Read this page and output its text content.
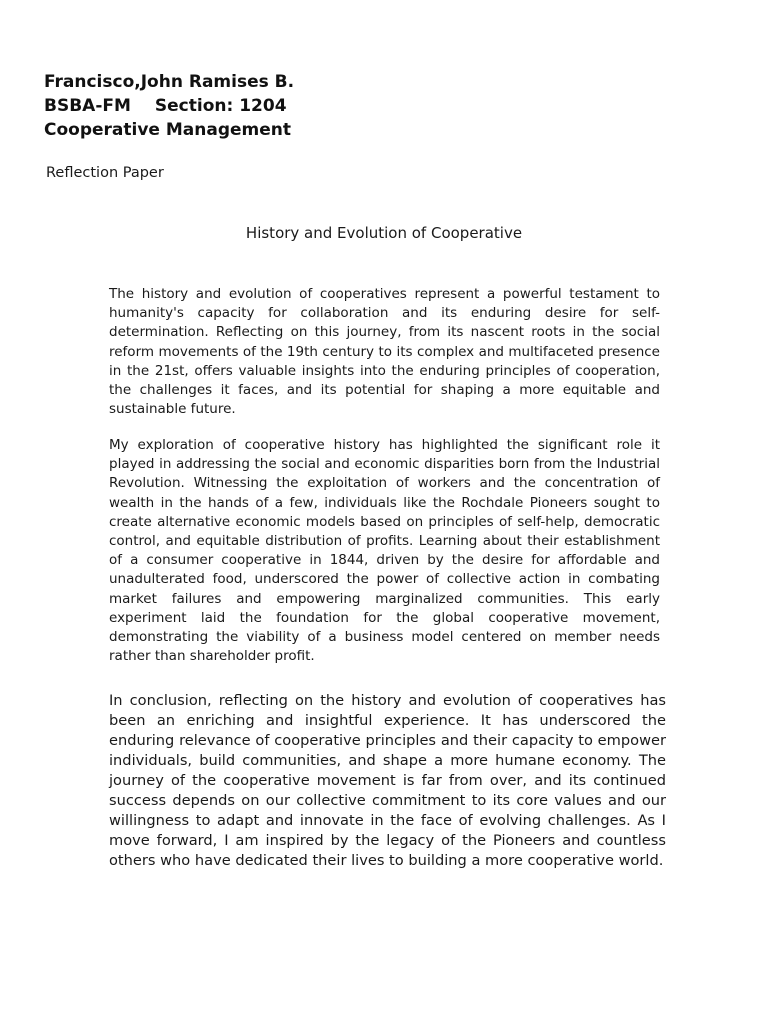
Francisco,John Ramises B.
BSBA-FM Section: 1204
Cooperative Management
Reflection Paper
History and Evolution of Cooperative

The history and evolution of cooperatives represent a powerful testament to humanity's capacity for collaboration and its enduring desire for self-determination. Reflecting on this journey, from its nascent roots in the social reform movements of the 19th century to its complex and multifaceted presence in the 21st, offers valuable insights into the enduring principles of cooperation, the challenges it faces, and its potential for shaping a more equitable and sustainable future.

My exploration of cooperative history has highlighted the significant role it played in addressing the social and economic disparities born from the Industrial Revolution. Witnessing the exploitation of workers and the concentration of wealth in the hands of a few, individuals like the Rochdale Pioneers sought to create alternative economic models based on principles of self-help, democratic control, and equitable distribution of profits. Learning about their establishment of a consumer cooperative in 1844, driven by the desire for affordable and unadulterated food, underscored the power of collective action in combating market failures and empowering marginalized communities. This early experiment laid the foundation for the global cooperative movement, demonstrating the viability of a business model centered on member needs rather than shareholder profit.

In conclusion, reflecting on the history and evolution of cooperatives has been an enriching and insightful experience. It has underscored the enduring relevance of cooperative principles and their capacity to empower individuals, build communities, and shape a more humane economy. The journey of the cooperative movement is far from over, and its continued success depends on our collective commitment to its core values and our willingness to adapt and innovate in the face of evolving challenges. As I move forward, I am inspired by the legacy of the Pioneers and countless others who have dedicated their lives to building a more cooperative world.
